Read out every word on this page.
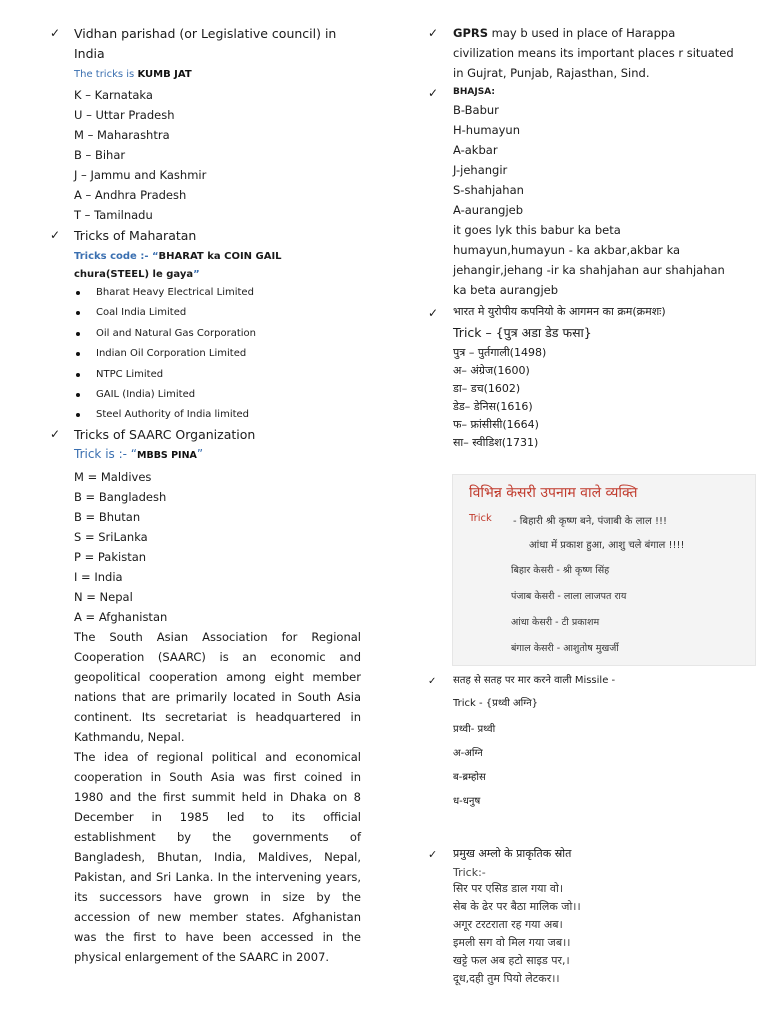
✓ Vidhan parishad (or Legislative council) in
India
The tricks is KUMB JAT
K – Karnataka
U – Uttar Pradesh
M – Maharashtra
B – Bihar
J – Jammu and Kashmir
A – Andhra Pradesh
T – Tamilnadu
✓ Tricks of Maharatan
Tricks code :- “BHARAT ka COIN GAIL
chura(STEEL) le gaya”
Bharat Heavy Electrical Limited
Coal India Limited
Oil and Natural Gas Corporation
Indian Oil Corporation Limited
NTPC Limited
GAIL (India) Limited
Steel Authority of India limited
✓ Tricks of SAARC Organization
Trick is :- “MBBS PINA”
M = Maldives
B = Bangladesh
B = Bhutan
S = SriLanka
P = Pakistan
I = India
N = Nepal
A = Afghanistan
The South Asian Association for Regional Cooperation (SAARC) is an economic and geopolitical cooperation among eight member nations that are primarily located in South Asia continent. Its secretariat is headquartered in Kathmandu, Nepal.
The idea of regional political and economical cooperation in South Asia was first coined in 1980 and the first summit held in Dhaka on 8 December in 1985 led to its official establishment by the governments of Bangladesh, Bhutan, India, Maldives, Nepal, Pakistan, and Sri Lanka. In the intervening years, its successors have grown in size by the accession of new member states. Afghanistan was the first to have been accessed in the physical enlargement of the SAARC in 2007.
✓ GPRS may b used in place of Harappa
civilization means its important places r situated
in Gujrat, Punjab, Rajasthan, Sind.
✓ BHAJSA:
B-Babur
H-humayun
A-akbar
J-jehangir
S-shahjahan
A-aurangjeb
it goes lyk this babur ka beta
humayun,humayun - ka akbar,akbar ka
jehangir,jehang -ir ka shahjahan aur shahjahan
ka beta aurangjeb
✓ भारत मे युरोपीय कपनियो के आगमन का क्रम(क्रमशः)
Trick – {पुत्र अडा डेड फसा}
पुत्र – पुर्तगाली(1498)
अ– अंग्रेज(1600)
डा– डच(1602)
डेड– डेनिस(1616)
फ– फ्रांसीसी(1664)
सा– स्वीडिश(1731)
विभिन्न केसरी उपनाम वाले व्यक्ति
Trick - बिहारी श्री कृष्ण बने, पंजाबी के लाल !!!
आंधा में प्रकाश हुआ, आशु चले बंगाल !!!!
बिहार केसरी - श्री कृष्ण सिंह
पंजाब केसरी - लाला लाजपत राय
आंधा केसरी - टी प्रकाशम
बंगाल केसरी - आशुतोष मुखर्जी
✓ सतह से सतह पर मार करने वाली Missile -
Trick - {प्रथ्वी अग्नि}
प्रथ्वी- प्रथ्वी
अ-अग्नि
ब-ब्रम्होस
ध-धनुष
✓ प्रमुख अम्लो के प्राकृतिक स्रोत
Trick:-
सिर पर एसिड डाल गया वो।
सेब के ढेर पर बैठा मालिक जो।।
अगूर टरटराता रह गया अब।
इमली सग वो मिल गया जब।।
खट्टे फल अब हटो साइड पर,।
दूध,दही तुम पियो लेटकर।।
